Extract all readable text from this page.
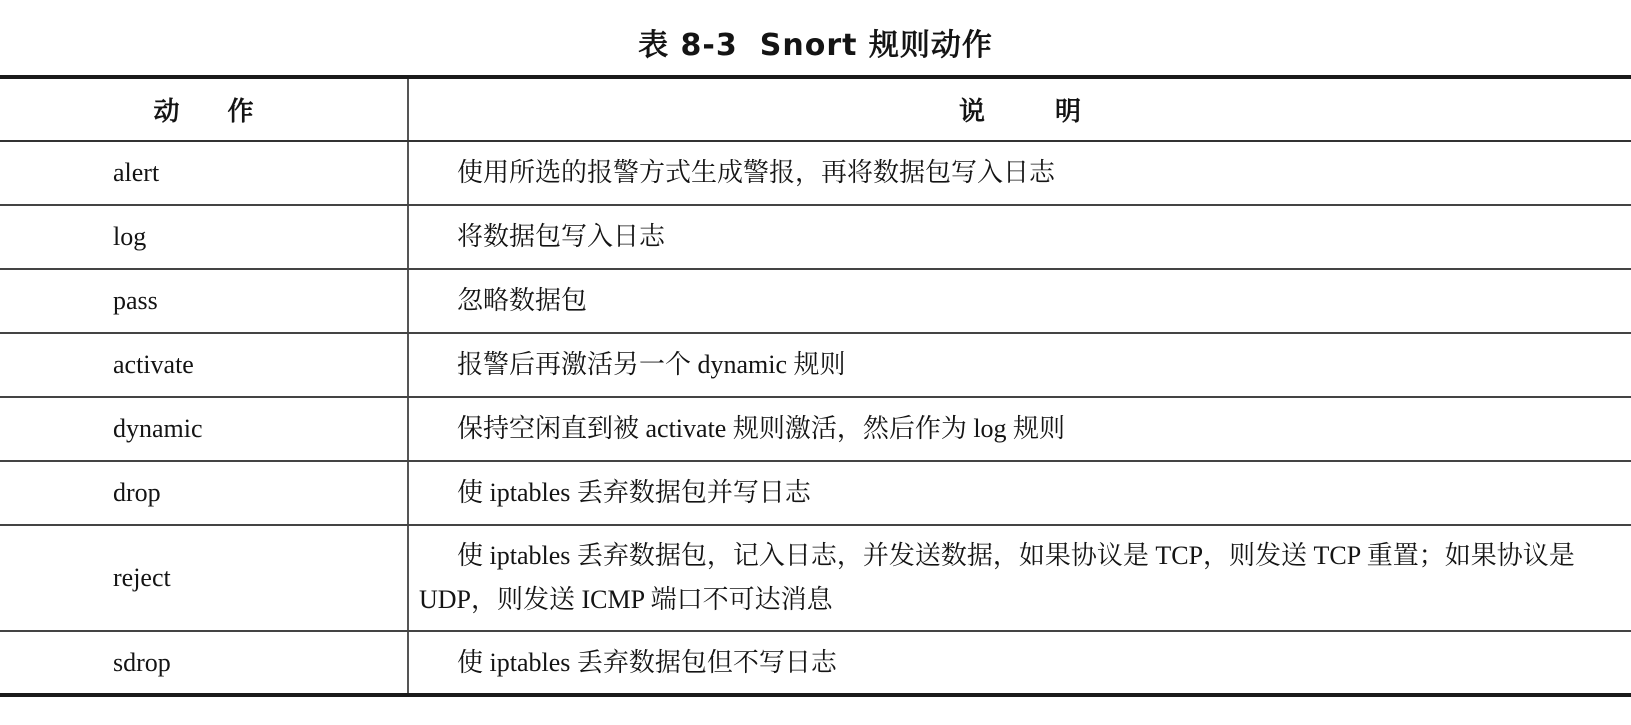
表 8-3 Snort 规则动作
动作	说明
alert	使用所选的报警方式生成警报，再将数据包写入日志
log	将数据包写入日志
pass	忽略数据包
activate	报警后再激活另一个 dynamic 规则
dynamic	保持空闲直到被 activate 规则激活，然后作为 log 规则
drop	使 iptables 丢弃数据包并写日志
reject	使 iptables 丢弃数据包，记入日志，并发送数据，如果协议是 TCP，则发送 TCP 重置；如果协议是 UDP，则发送 ICMP 端口不可达消息
sdrop	使 iptables 丢弃数据包但不写日志
